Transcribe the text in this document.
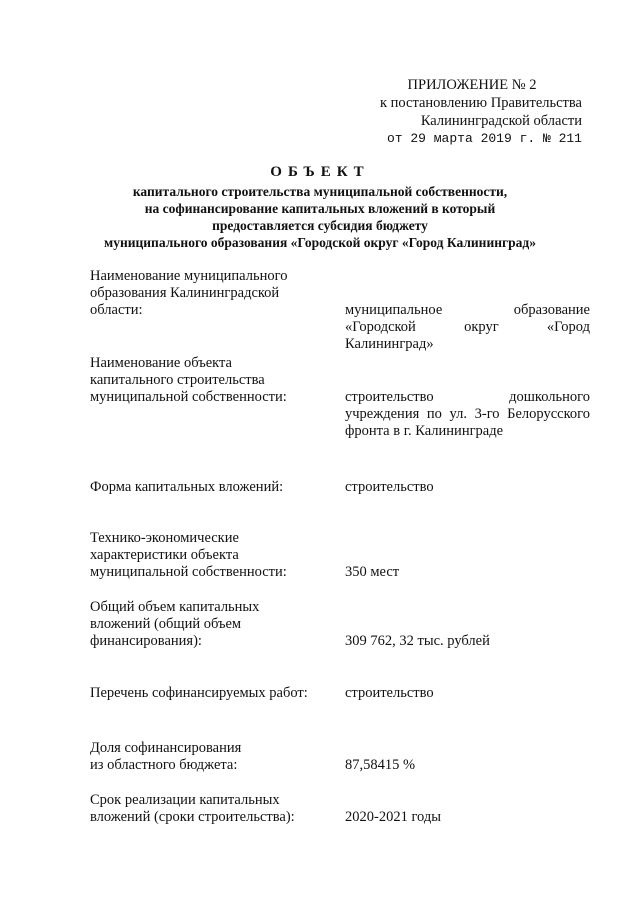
ПРИЛОЖЕНИЕ № 2
к постановлению Правительства
Калининградской области
от 29 марта 2019 г. № 211
ОБЪЕКТ
капитального строительства муниципальной собственности,
на софинансирование капитальных вложений в который
предоставляется субсидия бюджету
муниципального образования «Городской округ «Город Калининград»
Наименование муниципального
образования Калининградской
области:	муниципальное образование
«Городской округ «Город
Калининград»
Наименование объекта
капитального строительства
муниципальной собственности:	строительство дошкольного
учреждения по ул. 3-го Белорусского
фронта в г. Калининграде
Форма капитальных вложений:	строительство
Технико-экономические
характеристики объекта
муниципальной собственности:	350 мест
Общий объем капитальных
вложений (общий объем
финансирования):	309 762, 32 тыс. рублей
Перечень софинансируемых работ:	строительство
Доля софинансирования
из областного бюджета:	87,58415 %
Срок реализации капитальных
вложений (сроки строительства):	2020-2021 годы
